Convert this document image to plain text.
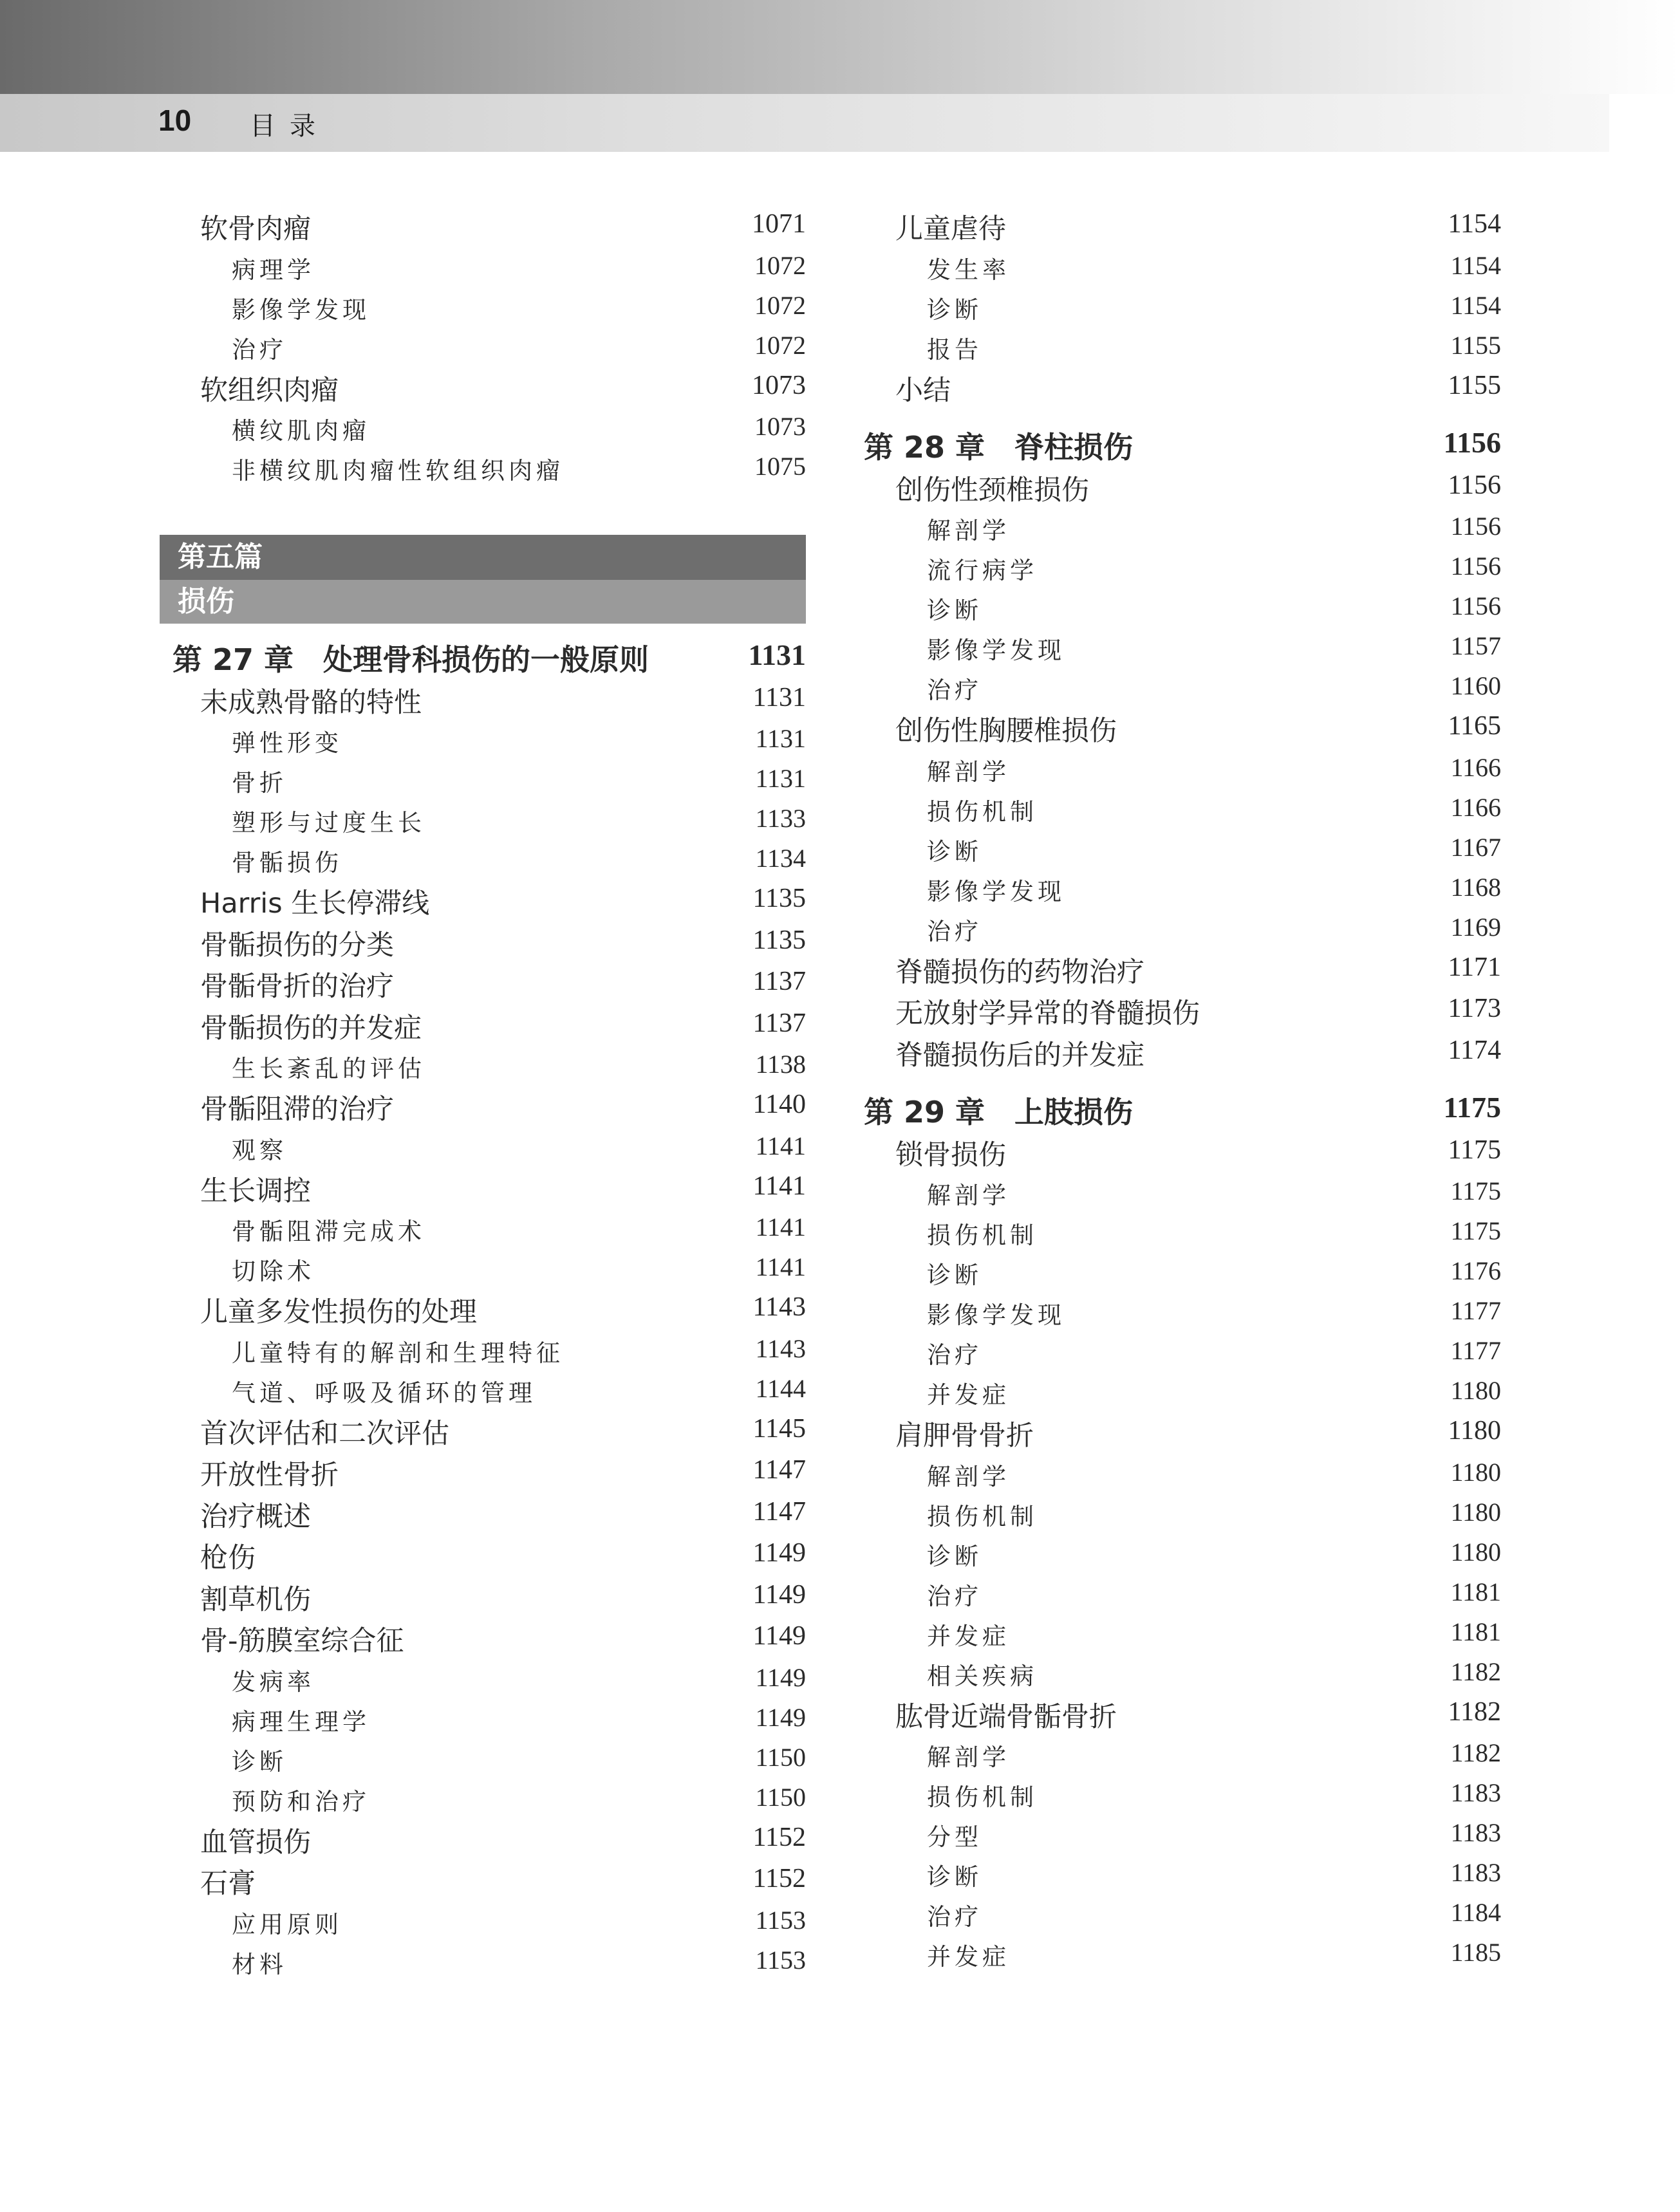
10 目录
软骨肉瘤	1071
病理学	1072
影像学发现	1072
治疗	1072
软组织肉瘤	1073
横纹肌肉瘤	1073
非横纹肌肉瘤性软组织肉瘤	1075
第五篇
损伤
第 27 章　处理骨科损伤的一般原则	1131
未成熟骨骼的特性	1131
弹性形变	1131
骨折	1131
塑形与过度生长	1133
骨骺损伤	1134
Harris 生长停滞线	1135
骨骺损伤的分类	1135
骨骺骨折的治疗	1137
骨骺损伤的并发症	1137
生长紊乱的评估	1138
骨骺阻滞的治疗	1140
观察	1141
生长调控	1141
骨骺阻滞完成术	1141
切除术	1141
儿童多发性损伤的处理	1143
儿童特有的解剖和生理特征	1143
气道、呼吸及循环的管理	1144
首次评估和二次评估	1145
开放性骨折	1147
治疗概述	1147
枪伤	1149
割草机伤	1149
骨-筋膜室综合征	1149
发病率	1149
病理生理学	1149
诊断	1150
预防和治疗	1150
血管损伤	1152
石膏	1152
应用原则	1153
材料	1153
儿童虐待	1154
发生率	1154
诊断	1154
报告	1155
小结	1155
第 28 章　脊柱损伤	1156
创伤性颈椎损伤	1156
解剖学	1156
流行病学	1156
诊断	1156
影像学发现	1157
治疗	1160
创伤性胸腰椎损伤	1165
解剖学	1166
损伤机制	1166
诊断	1167
影像学发现	1168
治疗	1169
脊髓损伤的药物治疗	1171
无放射学异常的脊髓损伤	1173
脊髓损伤后的并发症	1174
第 29 章　上肢损伤	1175
锁骨损伤	1175
解剖学	1175
损伤机制	1175
诊断	1176
影像学发现	1177
治疗	1177
并发症	1180
肩胛骨骨折	1180
解剖学	1180
损伤机制	1180
诊断	1180
治疗	1181
并发症	1181
相关疾病	1182
肱骨近端骨骺骨折	1182
解剖学	1182
损伤机制	1183
分型	1183
诊断	1183
治疗	1184
并发症	1185
